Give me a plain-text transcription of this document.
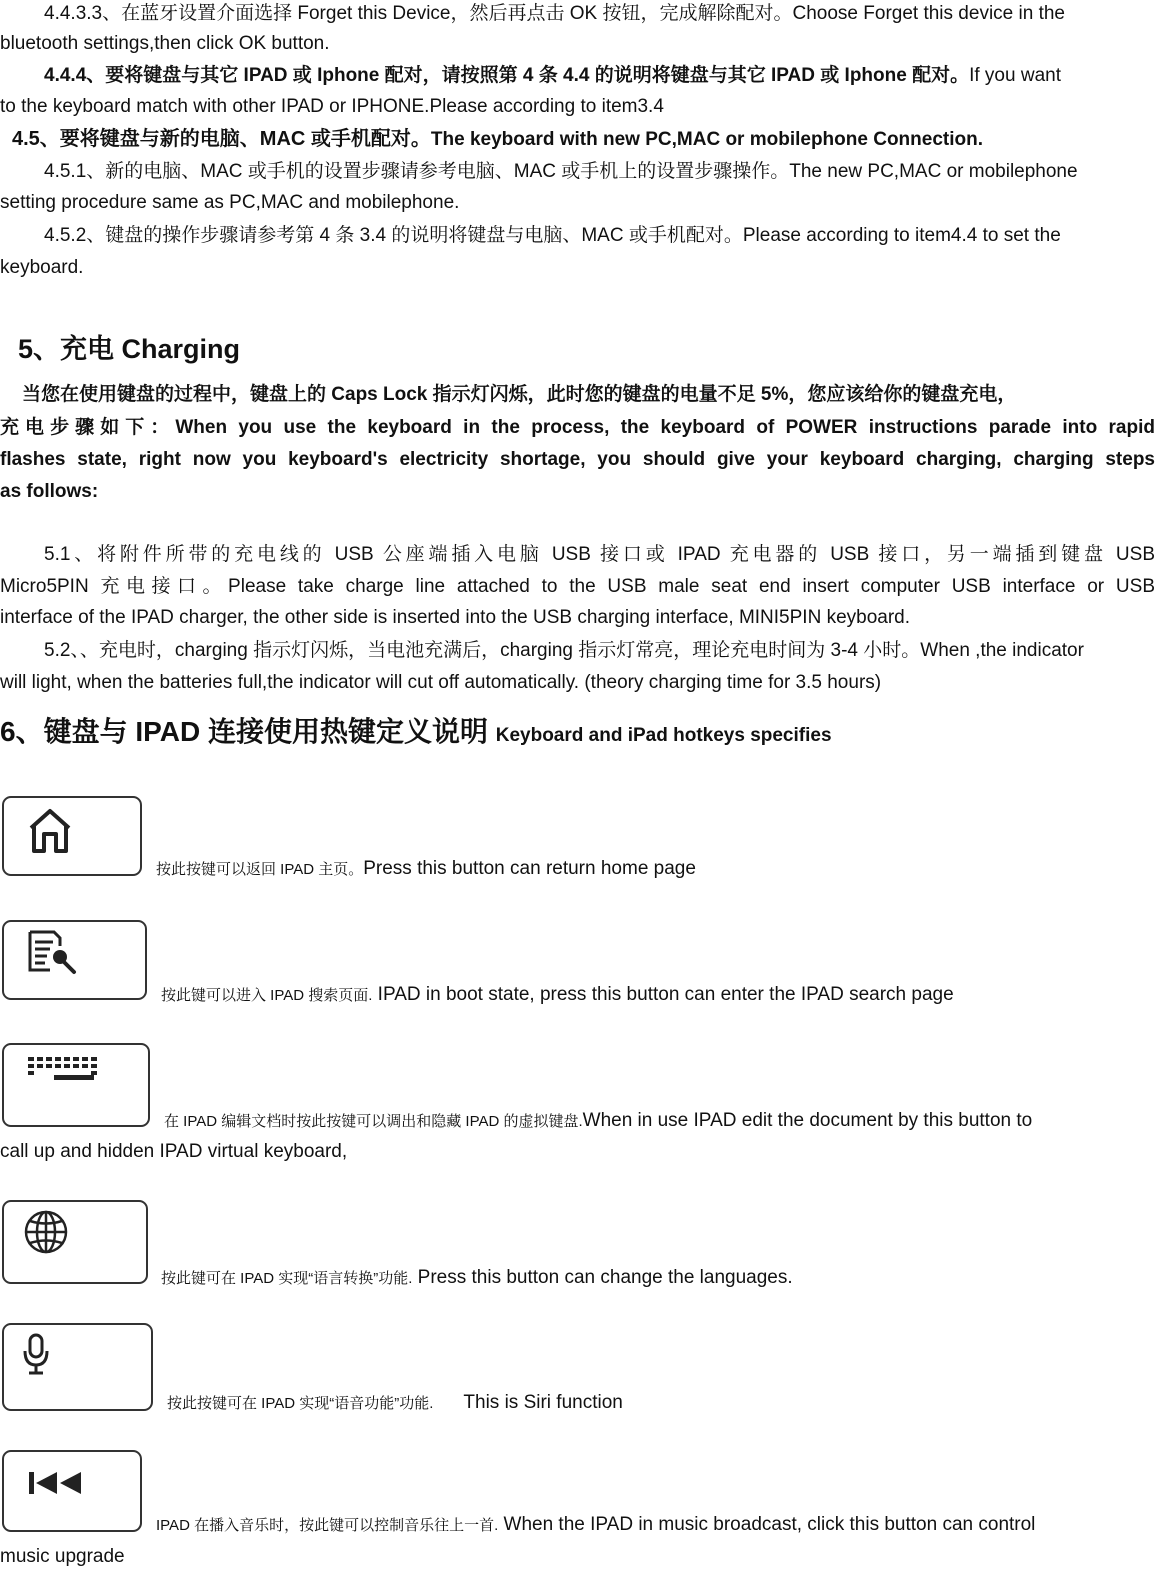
4.4.3.3、在蓝牙设置介面选择 Forget this Device，然后再点击 OK 按钮，完成解除配对。Choose Forget this device in the
bluetooth settings,then click OK button.
4.4.4、要将键盘与其它 IPAD 或 Iphone 配对，请按照第 4 条 4.4 的说明将键盘与其它 IPAD 或 Iphone 配对。If you want
to the keyboard match with other IPAD or IPHONE.Please according to item3.4
4.5、要将键盘与新的电脑、MAC 或手机配对。The keyboard with new PC,MAC or mobilephone Connection.
4.5.1、新的电脑、MAC 或手机的设置步骤请参考电脑、MAC 或手机上的设置步骤操作。The new PC,MAC or mobilephone
setting procedure same as PC,MAC and mobilephone.
4.5.2、键盘的操作步骤请参考第 4 条 3.4 的说明将键盘与电脑、MAC 或手机配对。Please according to item4.4 to set the
keyboard.
5、充电 Charging
当您在使用键盘的过程中，键盘上的 Caps Lock 指示灯闪烁，此时您的键盘的电量不足 5%，您应该给你的键盘充电，
充电步骤如下：When you use the keyboard in the process, the keyboard of POWER instructions parade into rapid
flashes state, right now you keyboard's electricity shortage, you should give your keyboard charging, charging steps
as follows:
5.1、将附件所带的充电线的 USB 公座端插入电脑 USB 接口或 IPAD 充电器的 USB 接口，另一端插到键盘 USB
Micro5PIN 充电接口。Please take charge line attached to the USB male seat end insert computer USB interface or USB
interface of the IPAD charger, the other side is inserted into the USB charging interface, MINI5PIN keyboard.
5.2、、充电时，charging 指示灯闪烁，当电池充满后，charging 指示灯常亮，理论充电时间为 3-4 小时。When ,the indicator
will light, when the batteries full,the indicator will cut off automatically. (theory charging time for 3.5 hours)
6、键盘与 IPAD 连接使用热键定义说明 Keyboard and iPad hotkeys specifies
按此按键可以返回 IPAD 主页。Press this button can return home page
按此键可以进入 IPAD 搜索页面. IPAD in boot state, press this button can enter the IPAD search page
在 IPAD 编辑文档时按此按键可以调出和隐藏 IPAD 的虚拟键盘.When in use IPAD edit the document by this button to
call up and hidden IPAD virtual keyboard,
按此键可在 IPAD 实现“语言转换”功能. Press this button can change the languages.
按此按键可在 IPAD 实现“语音功能”功能. This is Siri function
IPAD 在播入音乐时，按此键可以控制音乐往上一首. When the IPAD in music broadcast, click this button can control
music upgrade
